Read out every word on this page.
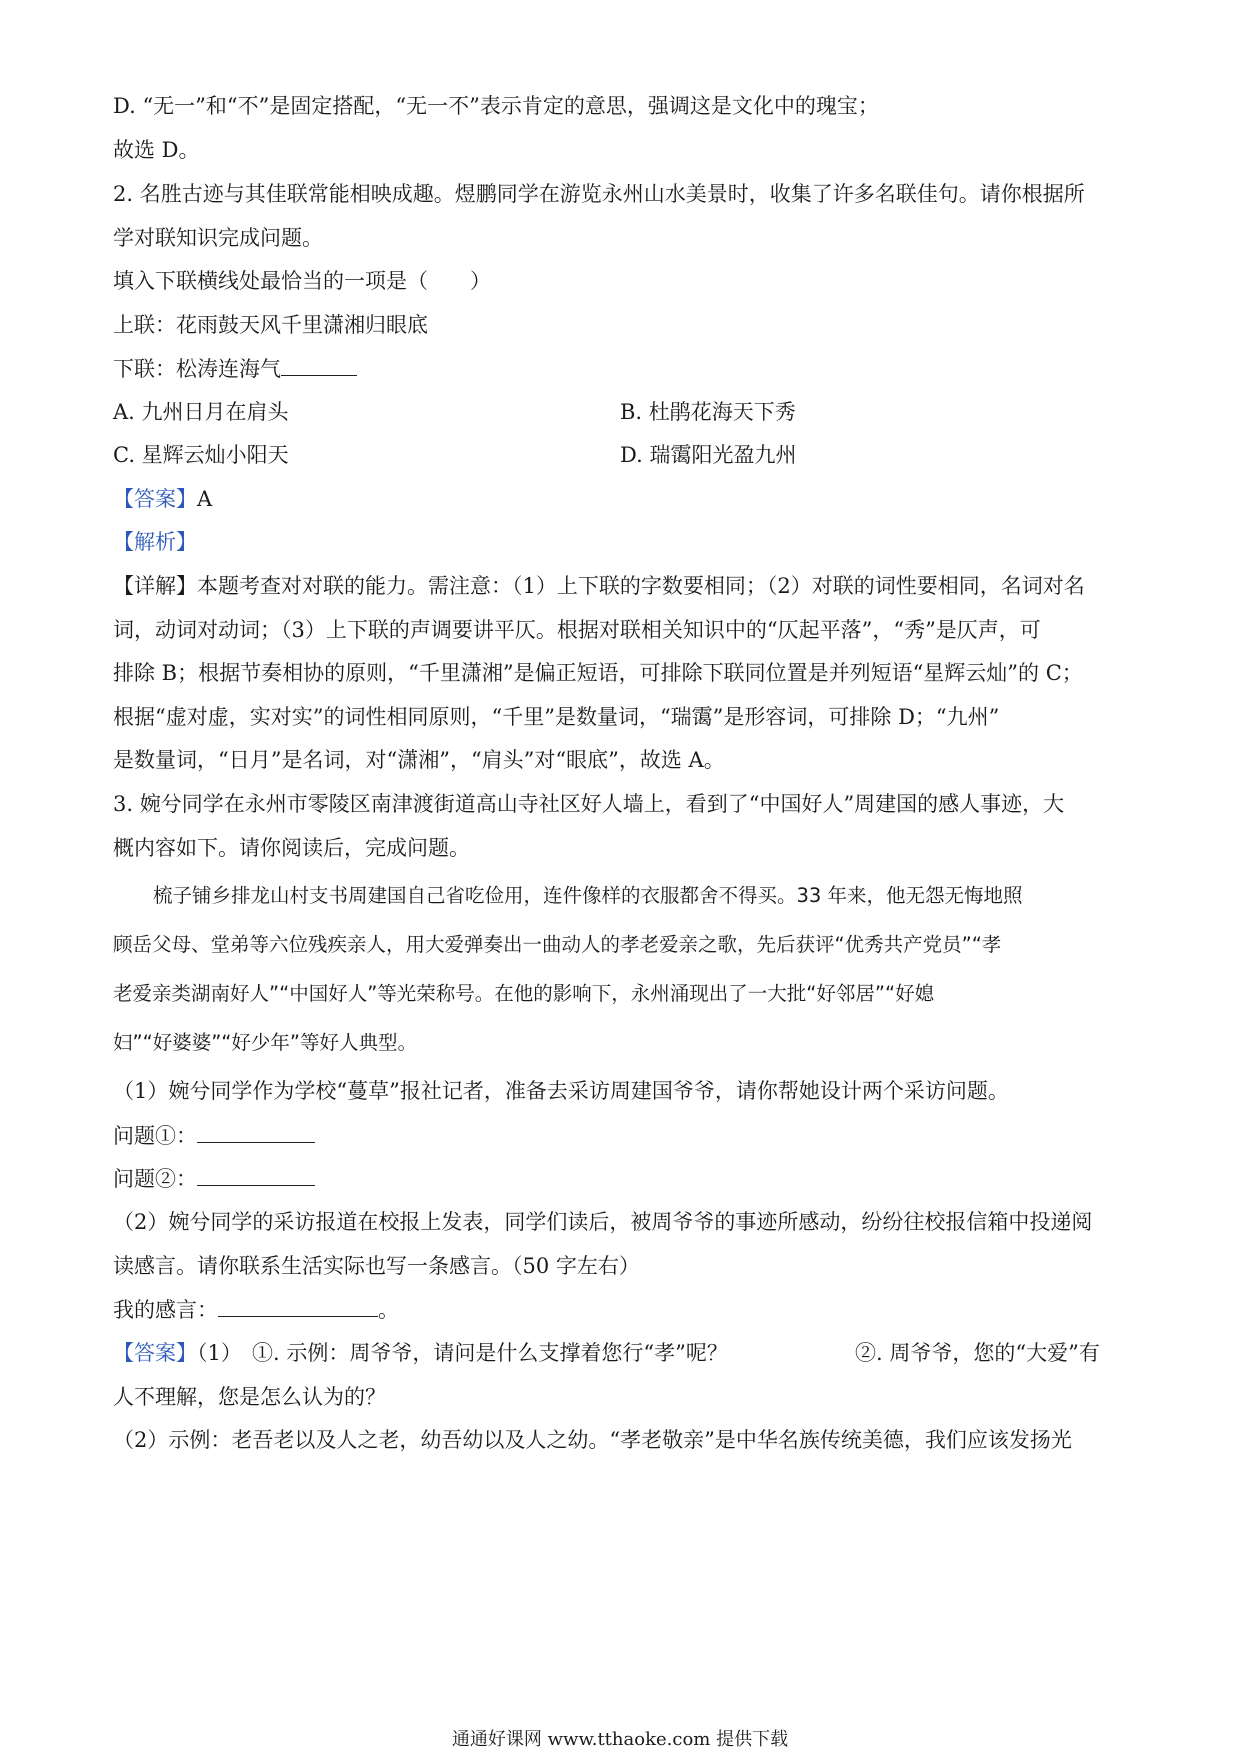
D. “无一”和“不”是固定搭配，“无一不”表示肯定的意思，强调这是文化中的瑰宝；
故选 D。
2. 名胜古迹与其佳联常能相映成趣。煜鹏同学在游览永州山水美景时，收集了许多名联佳句。请你根据所
学对联知识完成问题。
填入下联横线处最恰当的一项是（　　）
上联：花雨鼓天风千里潇湘归眼底
下联：松涛连海气
A. 九州日月在肩头	B. 杜鹃花海天下秀
C. 星辉云灿小阳天	D. 瑞霭阳光盈九州
【答案】A
【解析】
【详解】本题考查对对联的能力。需注意：（1）上下联的字数要相同；（2）对联的词性要相同，名词对名
词，动词对动词；（3）上下联的声调要讲平仄。根据对联相关知识中的“仄起平落”，“秀”是仄声，可
排除 B；根据节奏相协的原则，“千里潇湘”是偏正短语，可排除下联同位置是并列短语“星辉云灿”的 C；
根据“虚对虚，实对实”的词性相同原则，“千里”是数量词，“瑞霭”是形容词，可排除 D；“九州”
是数量词，“日月”是名词，对“潇湘”，“肩头”对“眼底”，故选 A。
3. 婉兮同学在永州市零陵区南津渡街道高山寺社区好人墙上，看到了“中国好人”周建国的感人事迹，大
概内容如下。请你阅读后，完成问题。
梳子铺乡排龙山村支书周建国自己省吃俭用，连件像样的衣服都舍不得买。33 年来，他无怨无悔地照
顾岳父母、堂弟等六位残疾亲人，用大爱弹奏出一曲动人的孝老爱亲之歌，先后获评“优秀共产党员”“孝
老爱亲类湖南好人”“中国好人”等光荣称号。在他的影响下，永州涌现出了一大批“好邻居”“好媳
妇”“好婆婆”“好少年”等好人典型。
（1）婉兮同学作为学校“蔓草”报社记者，准备去采访周建国爷爷，请你帮她设计两个采访问题。
问题①：
问题②：
（2）婉兮同学的采访报道在校报上发表，同学们读后，被周爷爷的事迹所感动，纷纷往校报信箱中投递阅
读感言。请你联系生活实际也写一条感言。（50 字左右）
我的感言：	。
【答案】（1） ①. 示例：周爷爷，请问是什么支撑着您行“孝”呢？	②. 周爷爷，您的“大爱”有
人不理解，您是怎么认为的？
（2）示例：老吾老以及人之老，幼吾幼以及人之幼。“孝老敬亲”是中华名族传统美德，我们应该发扬光
通通好课网 www.tthaoke.com 提供下载
